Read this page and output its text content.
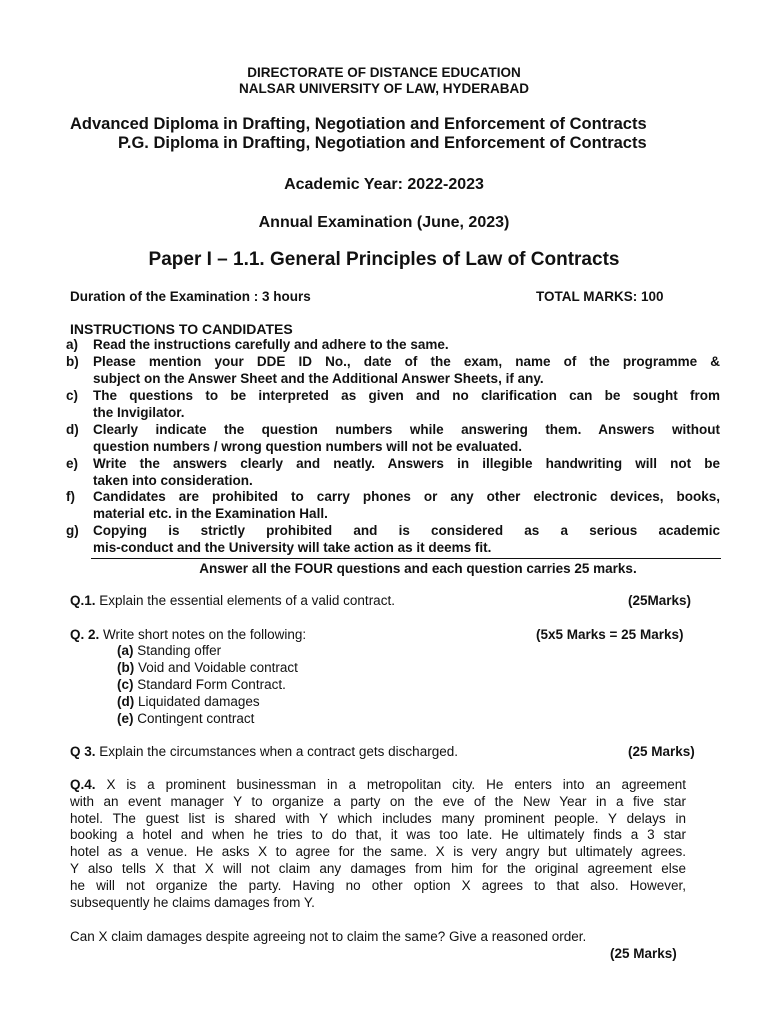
DIRECTORATE OF DISTANCE EDUCATION
NALSAR UNIVERSITY OF LAW, HYDERABAD
Advanced Diploma in Drafting, Negotiation and Enforcement of Contracts
P.G. Diploma in Drafting, Negotiation and Enforcement of Contracts
Academic Year: 2022-2023
Annual Examination (June, 2023)
Paper I – 1.1. General Principles of Law of Contracts
Duration of the Examination : 3 hours	TOTAL MARKS: 100
INSTRUCTIONS TO CANDIDATES
a) Read the instructions carefully and adhere to the same.
b) Please mention your DDE ID No., date of the exam, name of the programme &
subject on the Answer Sheet and the Additional Answer Sheets, if any.
c) The questions to be interpreted as given and no clarification can be sought from
the Invigilator.
d) Clearly indicate the question numbers while answering them. Answers without
question numbers / wrong question numbers will not be evaluated.
e) Write the answers clearly and neatly. Answers in illegible handwriting will not be
taken into consideration.
f) Candidates are prohibited to carry phones or any other electronic devices, books,
material etc. in the Examination Hall.
g) Copying is strictly prohibited and is considered as a serious academic
mis-conduct and the University will take action as it deems fit.
Answer all the FOUR questions and each question carries 25 marks.
Q.1. Explain the essential elements of a valid contract.	(25Marks)
Q. 2. Write short notes on the following:	(5x5 Marks = 25 Marks)
(a) Standing offer
(b) Void and Voidable contract
(c) Standard Form Contract.
(d) Liquidated damages
(e) Contingent contract
Q 3. Explain the circumstances when a contract gets discharged.	(25 Marks)
Q.4. X is a prominent businessman in a metropolitan city. He enters into an agreement
with an event manager Y to organize a party on the eve of the New Year in a five star
hotel. The guest list is shared with Y which includes many prominent people. Y delays in
booking a hotel and when he tries to do that, it was too late. He ultimately finds a 3 star
hotel as a venue. He asks X to agree for the same. X is very angry but ultimately agrees.
Y also tells X that X will not claim any damages from him for the original agreement else
he will not organize the party. Having no other option X agrees to that also. However,
subsequently he claims damages from Y.
Can X claim damages despite agreeing not to claim the same? Give a reasoned order.
(25 Marks)
